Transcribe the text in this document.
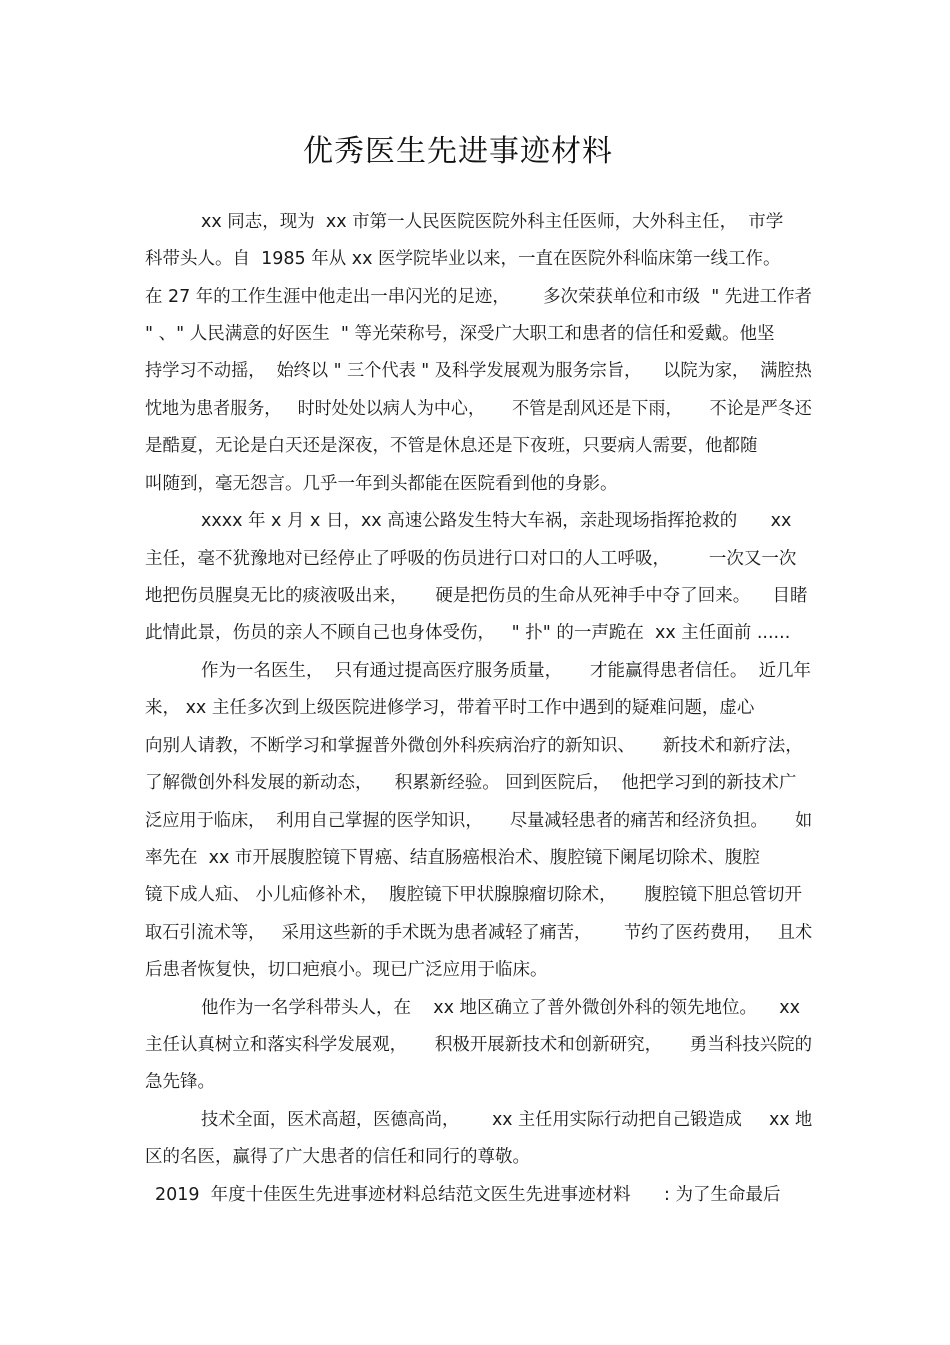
优秀医生先进事迹材料
xx 同志，现为  xx 市第一人民医院医院外科主任医师，大外科主任，  市学
科带头人。自  1985 年从 xx 医学院毕业以来，一直在医院外科临床第一线工作。
在 27 年的工作生涯中他走出一串闪光的足迹，      多次荣获单位和市级  " 先进工作者
" 、" 人民满意的好医生  " 等光荣称号，深受广大职工和患者的信任和爱戴。他坚
持学习不动摇，  始终以 " 三个代表 " 及科学发展观为服务宗旨，    以院为家，  满腔热
忱地为患者服务，   时时处处以病人为中心，     不管是刮风还是下雨，     不论是严冬还
是酷夏，无论是白天还是深夜，不管是休息还是下夜班，只要病人需要，他都随
叫随到，毫无怨言。几乎一年到头都能在医院看到他的身影。
xxxx 年 x 月 x 日，xx 高速公路发生特大车祸，亲赴现场指挥抢救的      xx
主任，毫不犹豫地对已经停止了呼吸的伤员进行口对口的人工呼吸，       一次又一次
地把伤员腥臭无比的痰液吸出来，     硬是把伤员的生命从死神手中夺了回来。    目睹
此情此景，伤员的亲人不顾自己也身体受伤，   " 扑" 的一声跪在  xx 主任面前 ......
作为一名医生，  只有通过提高医疗服务质量，     才能赢得患者信任。  近几年
来， xx 主任多次到上级医院进修学习，带着平时工作中遇到的疑难问题，虚心
向别人请教，不断学习和掌握普外微创外科疾病治疗的新知识、     新技术和新疗法，
了解微创外科发展的新动态，    积累新经验。 回到医院后，  他把学习到的新技术广
泛应用于临床，  利用自己掌握的医学知识，     尽量减轻患者的痛苦和经济负担。     如
率先在  xx 市开展腹腔镜下胃癌、结直肠癌根治术、腹腔镜下阑尾切除术、腹腔
镜下成人疝、 小儿疝修补术，  腹腔镜下甲状腺腺瘤切除术，     腹腔镜下胆总管切开
取石引流术等，   采用这些新的手术既为患者减轻了痛苦，      节约了医药费用，   且术
后患者恢复快，切口疤痕小。现已广泛应用于临床。
他作为一名学科带头人，在    xx 地区确立了普外微创外科的领先地位。    xx
主任认真树立和落实科学发展观，     积极开展新技术和创新研究，     勇当科技兴院的
急先锋。
技术全面，医术高超，医德高尚，      xx 主任用实际行动把自己锻造成     xx 地
区的名医，赢得了广大患者的信任和同行的尊敬。
2019  年度十佳医生先进事迹材料总结范文医生先进事迹材料      : 为了生命最后
